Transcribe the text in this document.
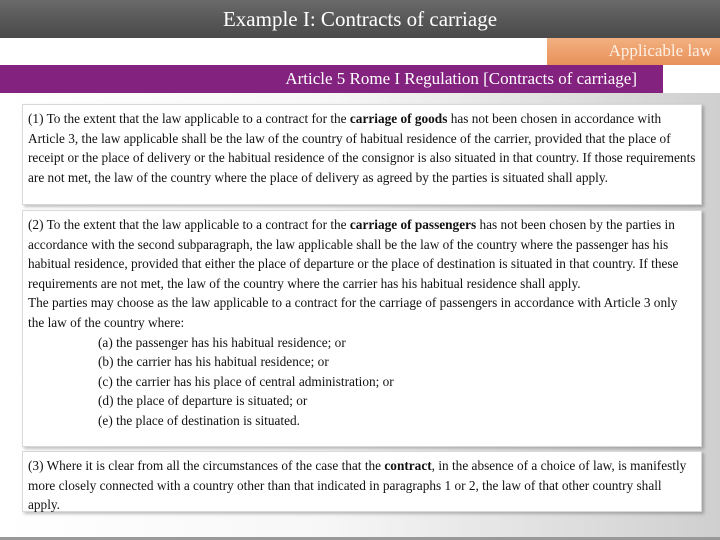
Example I: Contracts of carriage
Applicable law
Article 5 Rome I Regulation [Contracts of carriage]

(1) To the extent that the law applicable to a contract for the carriage of goods has not been chosen in accordance with Article 3, the law applicable shall be the law of the country of habitual residence of the carrier, provided that the place of receipt or the place of delivery or the habitual residence of the consignor is also situated in that country. If those requirements are not met, the law of the country where the place of delivery as agreed by the parties is situated shall apply.

(2) To the extent that the law applicable to a contract for the carriage of passengers has not been chosen by the parties in accordance with the second subparagraph, the law applicable shall be the law of the country where the passenger has his habitual residence, provided that either the place of departure or the place of destination is situated in that country. If these requirements are not met, the law of the country where the carrier has his habitual residence shall apply.

The parties may choose as the law applicable to a contract for the carriage of passengers in accordance with Article 3 only the law of the country where:

(a) the passenger has his habitual residence; or

(b) the carrier has his habitual residence; or

(c) the carrier has his place of central administration; or

(d) the place of departure is situated; or

(e) the place of destination is situated.

(3) Where it is clear from all the circumstances of the case that the contract, in the absence of a choice of law, is manifestly more closely connected with a country other than that indicated in paragraphs 1 or 2, the law of that other country shall apply.
